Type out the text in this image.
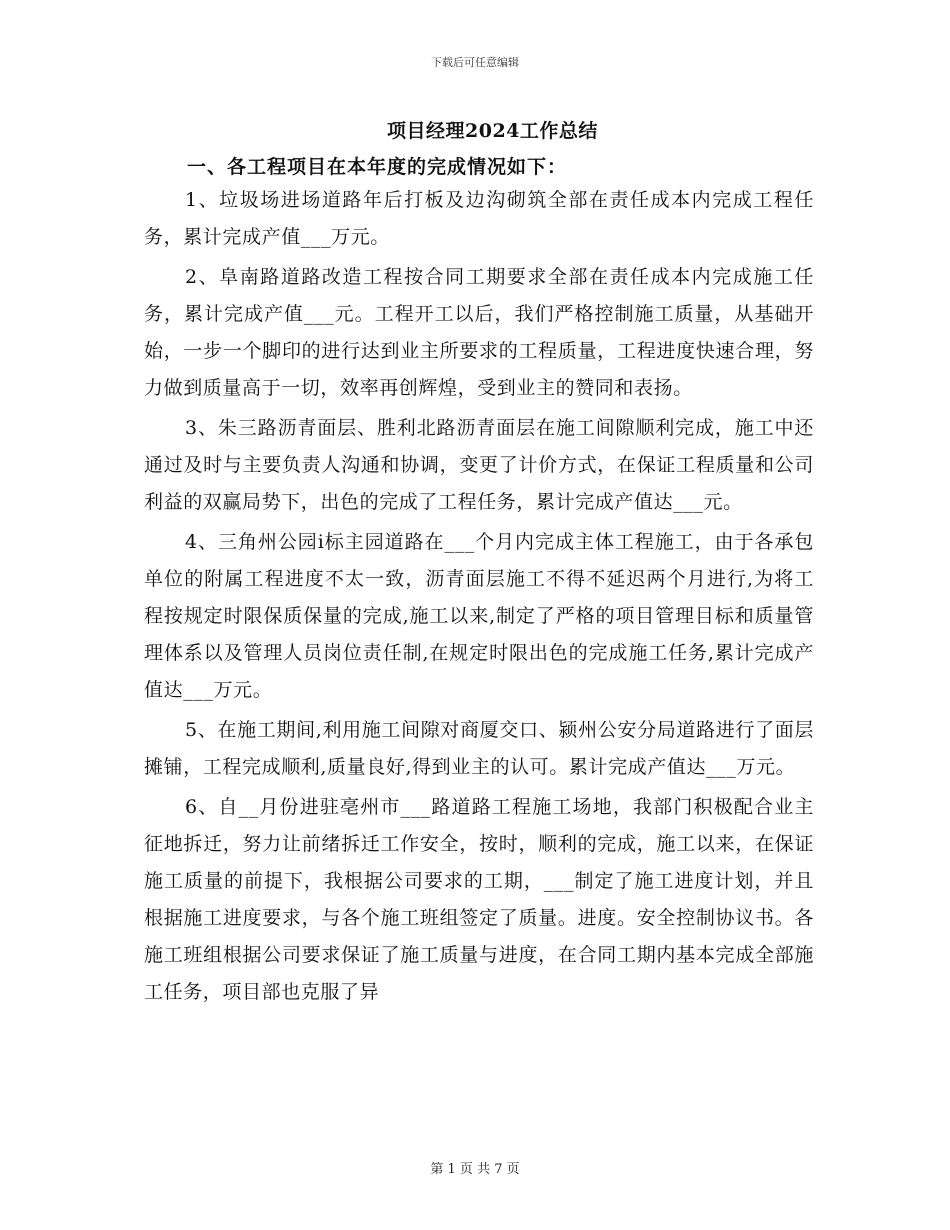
下载后可任意编辑
项目经理2024工作总结
一、各工程项目在本年度的完成情况如下：

1、垃圾场进场道路年后打板及边沟砌筑全部在责任成本内完成工程任务，累计完成产值___万元。

2、阜南路道路改造工程按合同工期要求全部在责任成本内完成施工任务，累计完成产值___元。工程开工以后，我们严格控制施工质量，从基础开始，一步一个脚印的进行达到业主所要求的工程质量，工程进度快速合理，努力做到质量高于一切，效率再创辉煌，受到业主的赞同和表扬。

3、朱三路沥青面层、胜利北路沥青面层在施工间隙顺利完成，施工中还通过及时与主要负责人沟通和协调，变更了计价方式，在保证工程质量和公司利益的双赢局势下，出色的完成了工程任务，累计完成产值达___元。

4、三角州公园ⅰ标主园道路在___个月内完成主体工程施工，由于各承包单位的附属工程进度不太一致，沥青面层施工不得不延迟两个月进行,为将工程按规定时限保质保量的完成,施工以来,制定了严格的项目管理目标和质量管理体系以及管理人员岗位责任制,在规定时限出色的完成施工任务,累计完成产值达___万元。

5、在施工期间,利用施工间隙对商厦交口、颍州公安分局道路进行了面层摊铺，工程完成顺利,质量良好,得到业主的认可。累计完成产值达___万元。

6、自__月份进驻亳州市___路道路工程施工场地，我部门积极配合业主征地拆迁，努力让前绪拆迁工作安全，按时，顺利的完成，施工以来，在保证施工质量的前提下，我根据公司要求的工期，___制定了施工进度计划，并且根据施工进度要求，与各个施工班组签定了质量。进度。安全控制协议书。各施工班组根据公司要求保证了施工质量与进度，在合同工期内基本完成全部施工任务，项目部也克服了异

第 1 页 共 7 页
